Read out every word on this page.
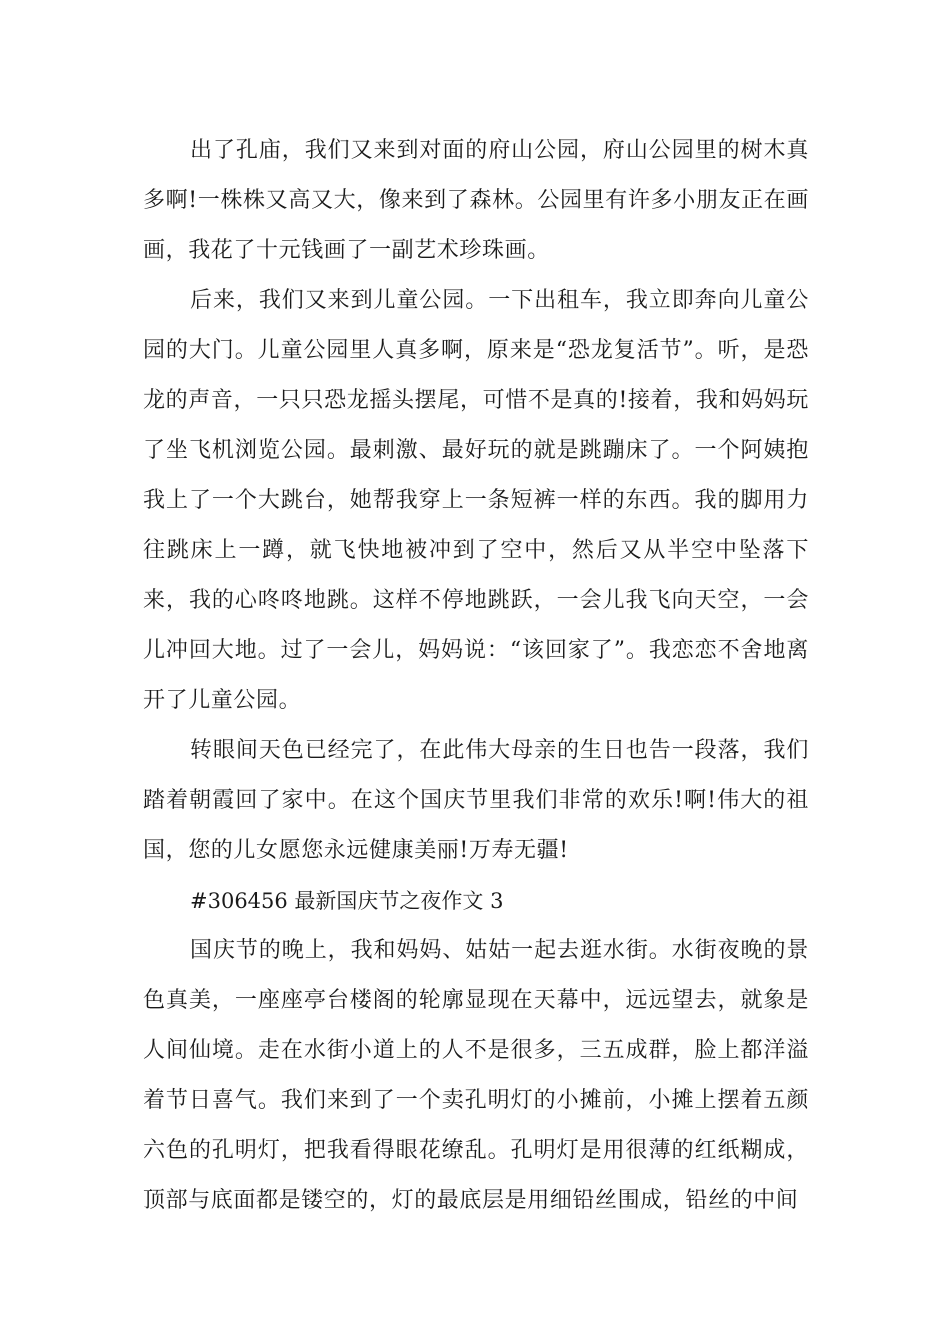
出了孔庙，我们又来到对面的府山公园，府山公园里的树木真多啊!一株株又高又大，像来到了森林。公园里有许多小朋友正在画画，我花了十元钱画了一副艺术珍珠画。

后来，我们又来到儿童公园。一下出租车，我立即奔向儿童公园的大门。儿童公园里人真多啊，原来是“恐龙复活节”。听，是恐龙的声音，一只只恐龙摇头摆尾，可惜不是真的!接着，我和妈妈玩了坐飞机浏览公园。最刺激、最好玩的就是跳蹦床了。一个阿姨抱我上了一个大跳台，她帮我穿上一条短裤一样的东西。我的脚用力往跳床上一蹲，就飞快地被冲到了空中，然后又从半空中坠落下来，我的心咚咚地跳。这样不停地跳跃，一会儿我飞向天空，一会儿冲回大地。过了一会儿，妈妈说：“该回家了”。我恋恋不舍地离开了儿童公园。

转眼间天色已经完了，在此伟大母亲的生日也告一段落，我们踏着朝霞回了家中。在这个国庆节里我们非常的欢乐!啊!伟大的祖国，您的儿女愿您永远健康美丽!万寿无疆!

#306456 最新国庆节之夜作文 3

国庆节的晚上，我和妈妈、姑姑一起去逛水街。水街夜晚的景色真美，一座座亭台楼阁的轮廓显现在天幕中，远远望去，就象是人间仙境。走在水街小道上的人不是很多，三五成群，脸上都洋溢着节日喜气。我们来到了一个卖孔明灯的小摊前，小摊上摆着五颜六色的孔明灯，把我看得眼花缭乱。孔明灯是用很薄的红纸糊成，顶部与底面都是镂空的，灯的最底层是用细铅丝围成，铅丝的中间
